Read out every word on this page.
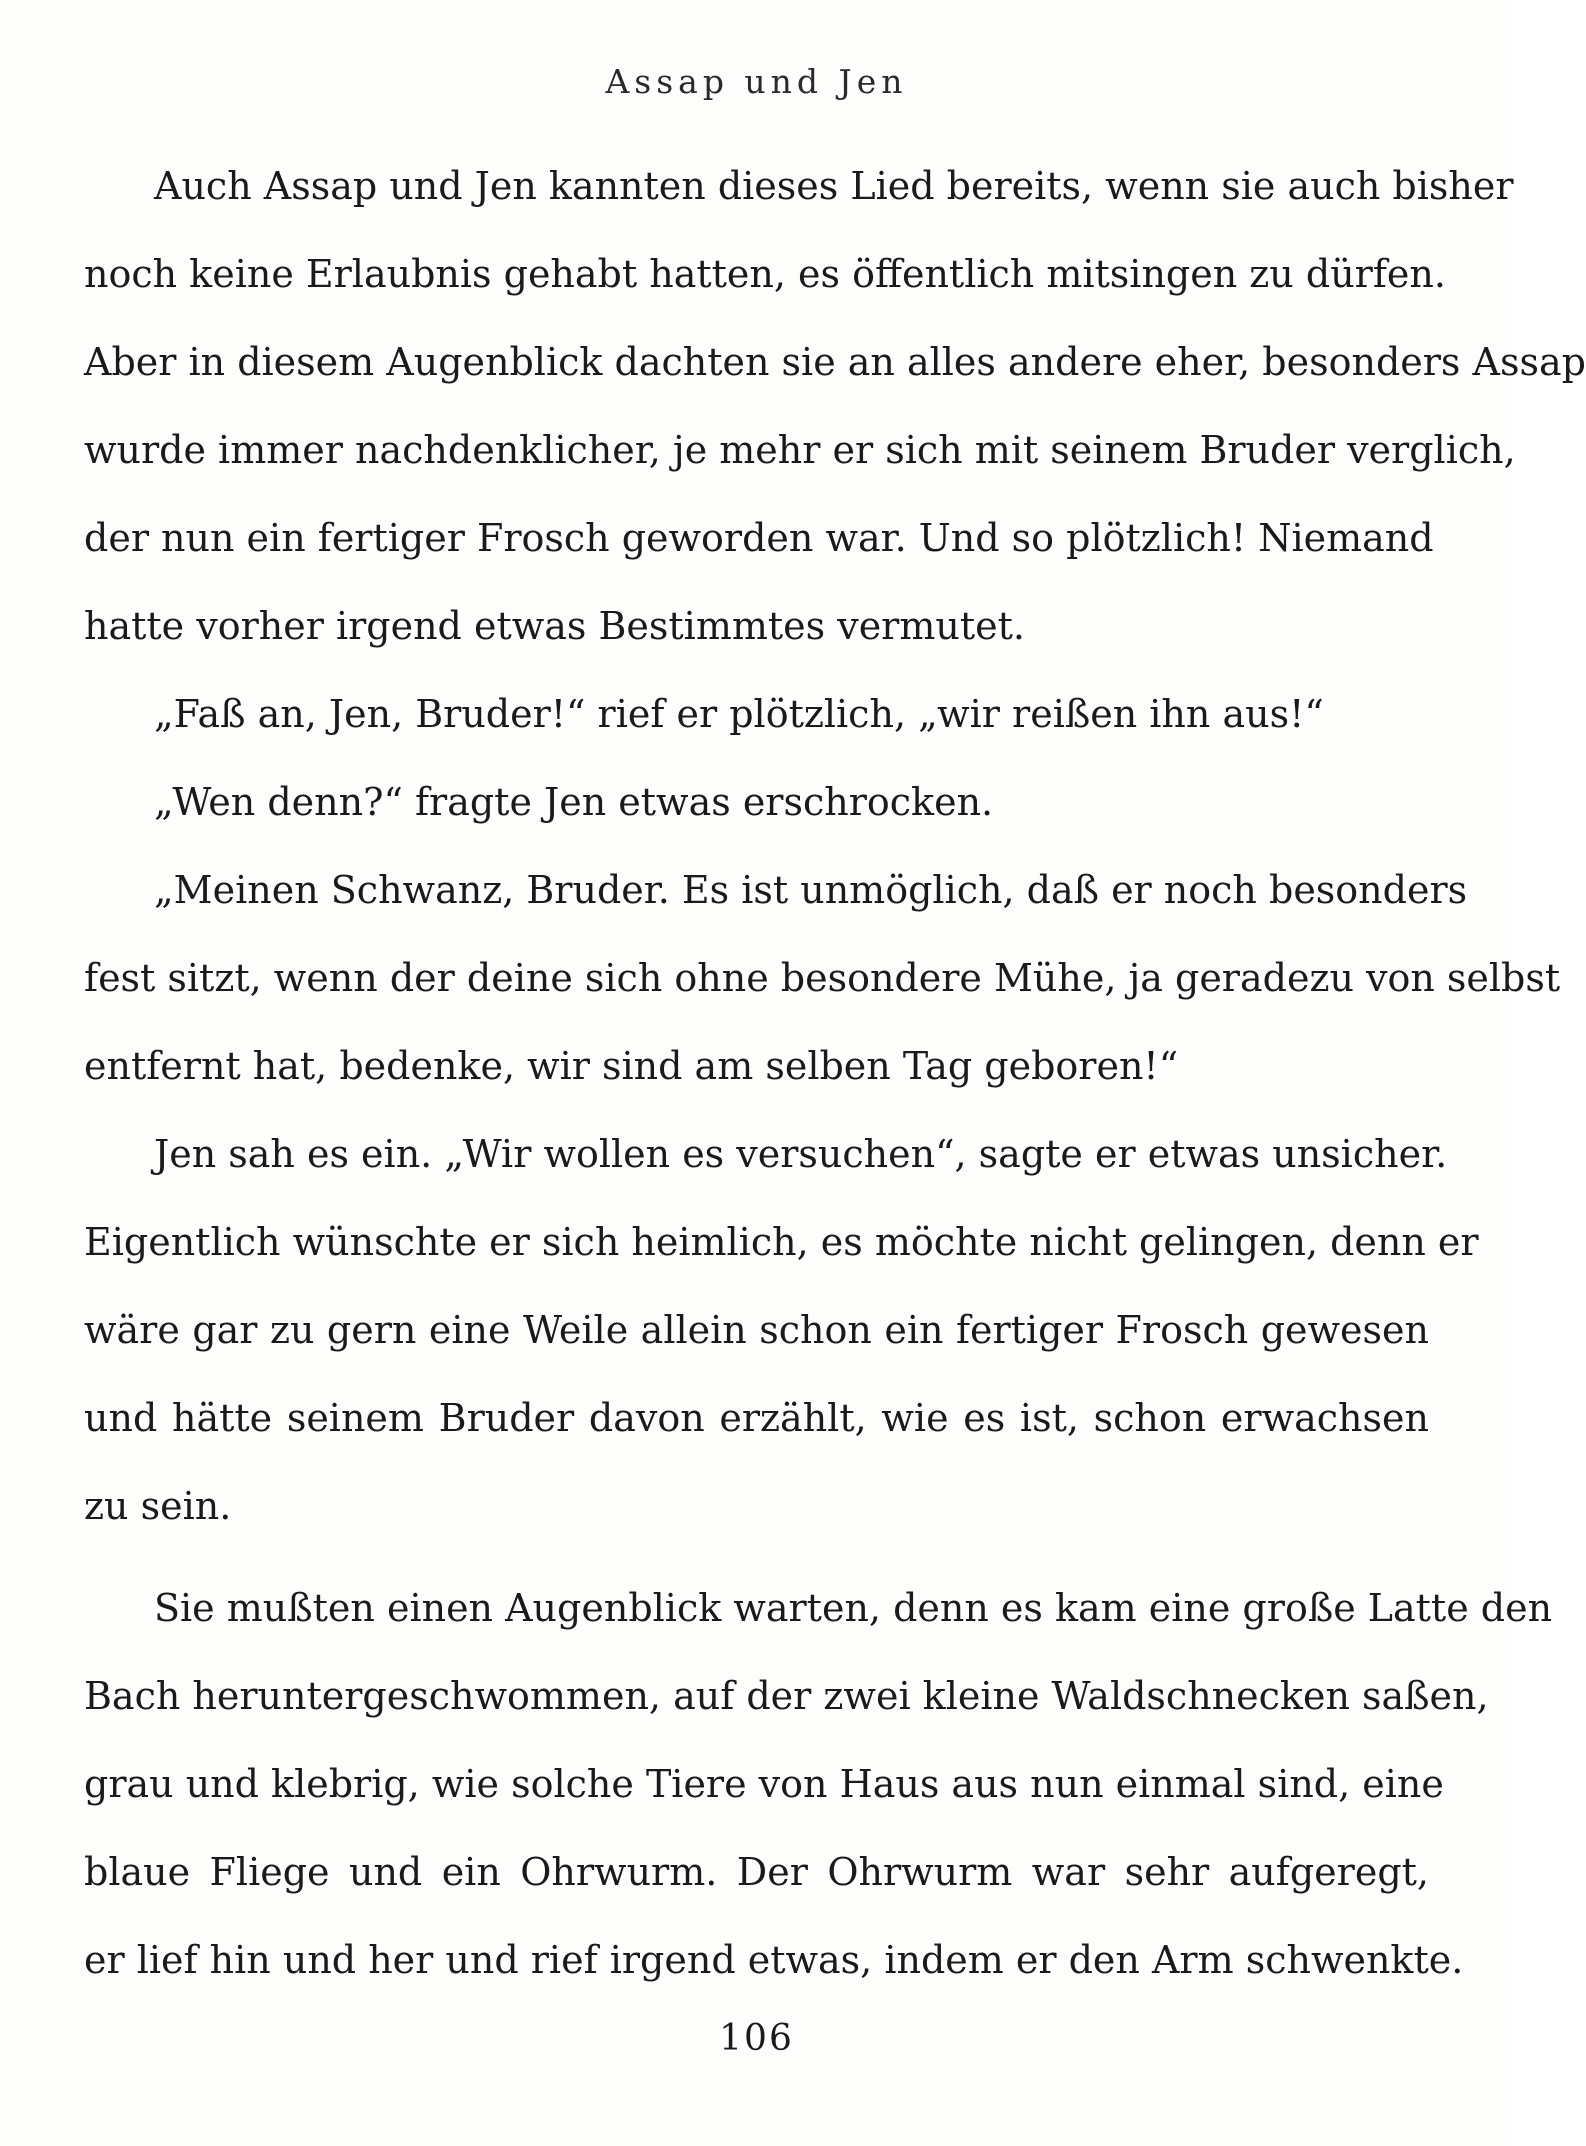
Assap und Jen
Auch Assap und Jen kannten dieses Lied bereits, wenn sie auch bisher
noch keine Erlaubnis gehabt hatten, es öffentlich mitsingen zu dürfen.
Aber in diesem Augenblick dachten sie an alles andere eher, besonders Assap
wurde immer nachdenklicher, je mehr er sich mit seinem Bruder verglich,
der nun ein fertiger Frosch geworden war. Und so plötzlich! Niemand
hatte vorher irgend etwas Bestimmtes vermutet.
„Faß an, Jen, Bruder!“ rief er plötzlich, „wir reißen ihn aus!“
„Wen denn?“ fragte Jen etwas erschrocken.
„Meinen Schwanz, Bruder. Es ist unmöglich, daß er noch besonders
fest sitzt, wenn der deine sich ohne besondere Mühe, ja geradezu von selbst
entfernt hat, bedenke, wir sind am selben Tag geboren!“
Jen sah es ein. „Wir wollen es versuchen“, sagte er etwas unsicher.
Eigentlich wünschte er sich heimlich, es möchte nicht gelingen, denn er
wäre gar zu gern eine Weile allein schon ein fertiger Frosch gewesen
und hätte seinem Bruder davon erzählt, wie es ist, schon erwachsen
zu sein.
Sie mußten einen Augenblick warten, denn es kam eine große Latte den
Bach heruntergeschwommen, auf der zwei kleine Waldschnecken saßen,
grau und klebrig, wie solche Tiere von Haus aus nun einmal sind, eine
blaue Fliege und ein Ohrwurm. Der Ohrwurm war sehr aufgeregt,
er lief hin und her und rief irgend etwas, indem er den Arm schwenkte.
106
